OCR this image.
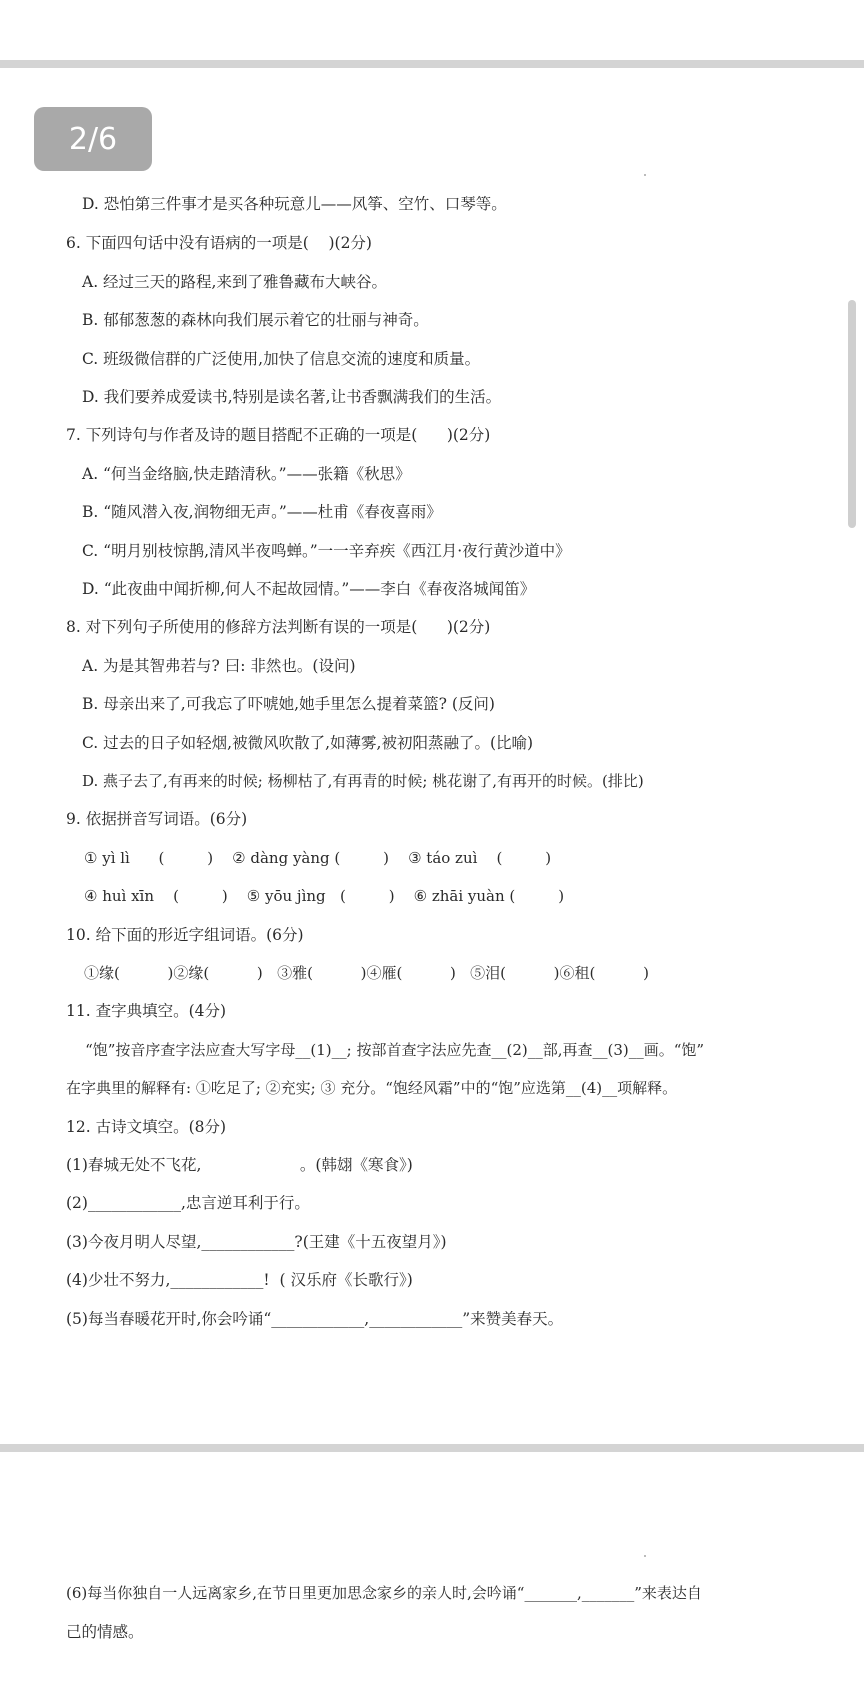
2/6
D. 恐怕第三件事才是买各种玩意儿——风筝、空竹、口琴等。
6. 下面四句话中没有语病的一项是(    )(2分)
A. 经过三天的路程,来到了雅鲁藏布大峡谷。
B. 郁郁葱葱的森林向我们展示着它的壮丽与神奇。
C. 班级微信群的广泛使用,加快了信息交流的速度和质量。
D. 我们要养成爱读书,特别是读名著,让书香飘满我们的生活。
7. 下列诗句与作者及诗的题目搭配不正确的一项是(      )(2分)
A. “何当金络脑,快走踏清秋。”——张籍《秋思》
B. “随风潜入夜,润物细无声。”——杜甫《春夜喜雨》
C. “明月别枝惊鹊,清风半夜鸣蝉。”一一辛弃疾《西江月·夜行黄沙道中》
D. “此夜曲中闻折柳,何人不起故园情。”——李白《春夜洛城闻笛》
8. 对下列句子所使用的修辞方法判断有误的一项是(      )(2分)
A. 为是其智弗若与? 曰: 非然也。(设问)
B. 母亲出来了,可我忘了吓唬她,她手里怎么提着菜篮? (反问)
C. 过去的日子如轻烟,被微风吹散了,如薄雾,被初阳蒸融了。(比喻)
D. 燕子去了,有再来的时候; 杨柳枯了,有再青的时候; 桃花谢了,有再开的时候。(排比)
9. 依据拼音写词语。(6分)
① yì lì      (         )    ② dàng yàng (         )    ③ táo zuì    (         )
④ huì xīn    (         )    ⑤ yōu jìng   (         )    ⑥ zhāi yuàn (         )
10. 给下面的形近字组词语。(6分)
①缘(          )②缘(          )   ③雅(          )④雁(          )   ⑤泪(          )⑥租(          )
11. 查字典填空。(4分)
“饱”按音序查字法应查大写字母__(1)__; 按部首查字法应先查__(2)__部,再查__(3)__画。“饱”
在字典里的解释有: ①吃足了; ②充实; ③ 充分。“饱经风霜”中的“饱”应选第__(4)__项解释。
12. 古诗文填空。(8分)
(1)春城无处不飞花,                    。(韩翃《寒食》)
(2)____________,忠言逆耳利于行。
(3)今夜月明人尽望,____________?(王建《十五夜望月》)
(4)少壮不努力,____________!  ( 汉乐府《长歌行》)
(5)每当春暖花开时,你会吟诵“____________,____________”来赞美春天。
(6)每当你独自一人远离家乡,在节日里更加思念家乡的亲人时,会吟诵“_______,_______”来表达自
己的情感。
